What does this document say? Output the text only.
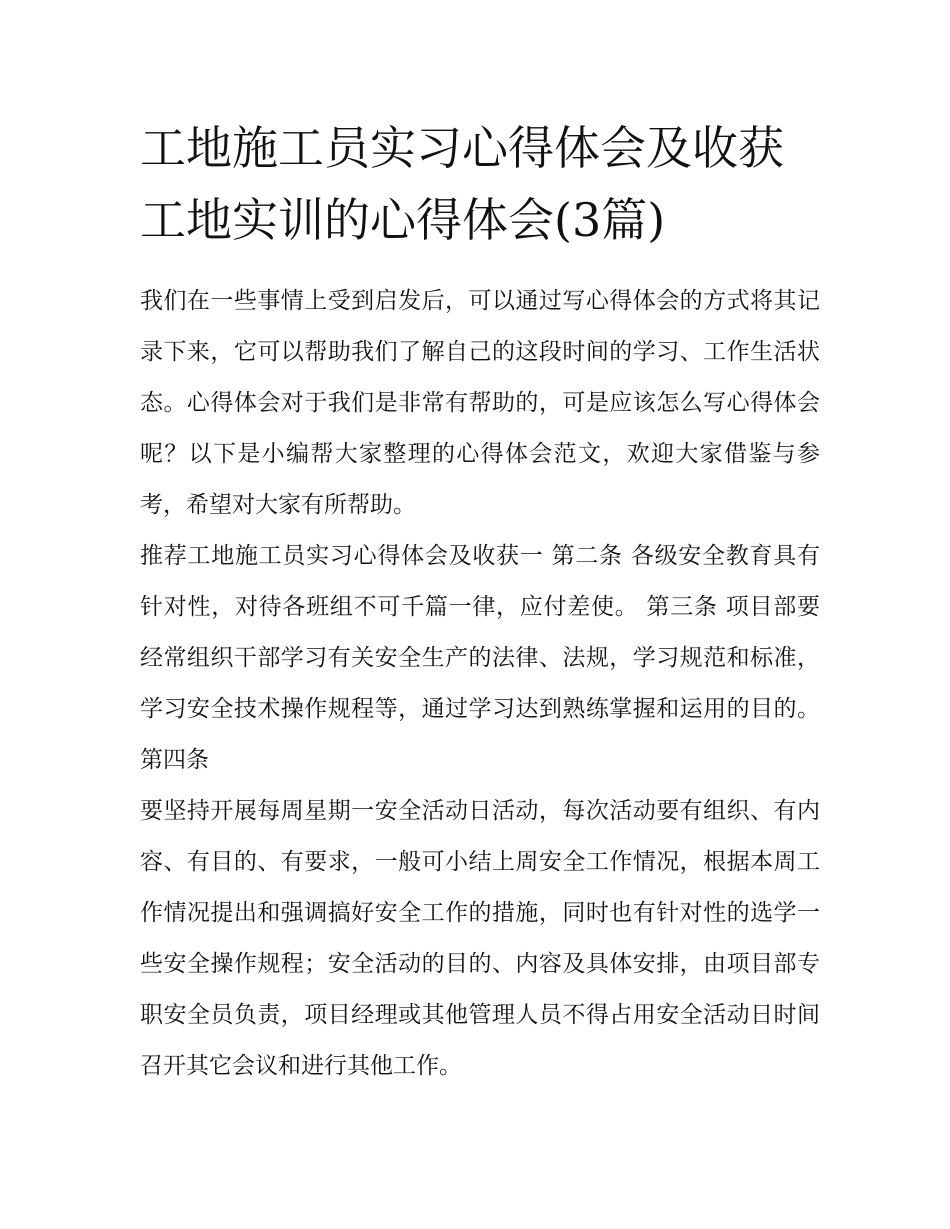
工地施工员实习心得体会及收获 工地实训的心得体会(3篇)

我们在一些事情上受到启发后，可以通过写心得体会的方式将其记录下来，它可以帮助我们了解自己的这段时间的学习、工作生活状态。心得体会对于我们是非常有帮助的，可是应该怎么写心得体会呢？以下是小编帮大家整理的心得体会范文，欢迎大家借鉴与参考，希望对大家有所帮助。

推荐工地施工员实习心得体会及收获一 第二条 各级安全教育具有针对性，对待各班组不可千篇一律，应付差使。 第三条 项目部要经常组织干部学习有关安全生产的法律、法规，学习规范和标准，学习安全技术操作规程等，通过学习达到熟练掌握和运用的目的。 第四条

要坚持开展每周星期一安全活动日活动，每次活动要有组织、有内容、有目的、有要求，一般可小结上周安全工作情况，根据本周工作情况提出和强调搞好安全工作的措施，同时也有针对性的选学一些安全操作规程；安全活动的目的、内容及具体安排，由项目部专职安全员负责，项目经理或其他管理人员不得占用安全活动日时间召开其它会议和进行其他工作。
